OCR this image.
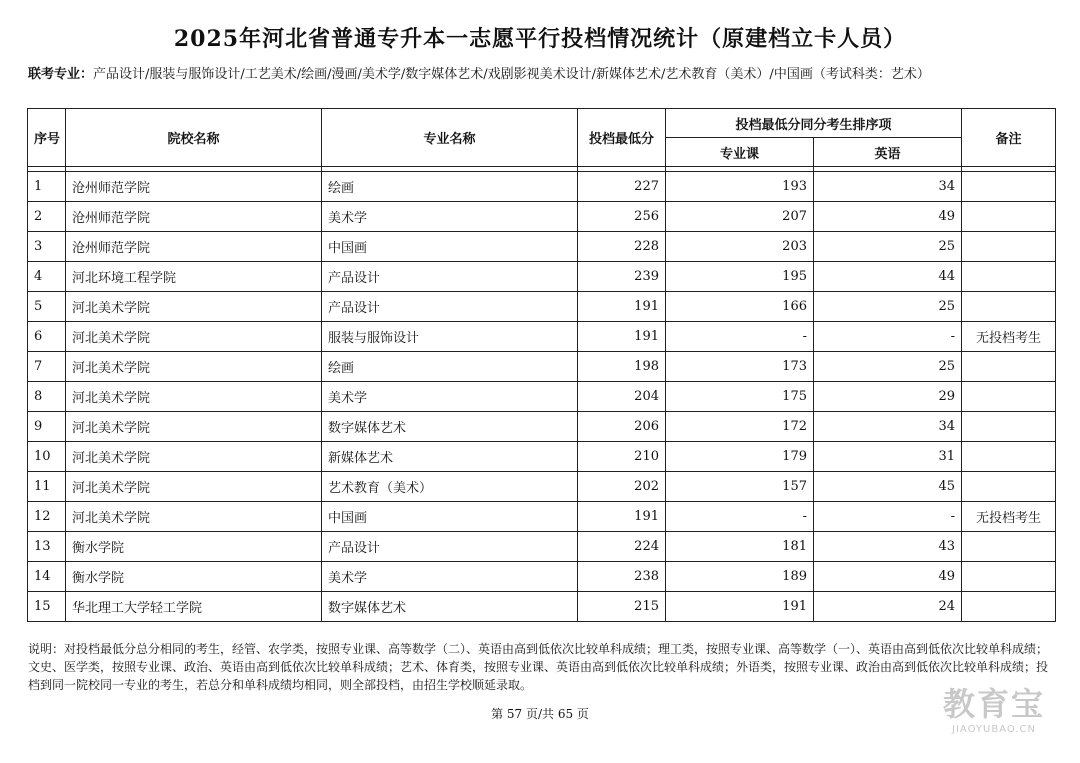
2025年河北省普通专升本一志愿平行投档情况统计（原建档立卡人员）
联考专业：产品设计/服装与服饰设计/工艺美术/绘画/漫画/美术学/数字媒体艺术/戏剧影视美术设计/新媒体艺术/艺术教育（美术）/中国画（考试科类：艺术）
序号	院校名称	专业名称	投档最低分	投档最低分同分考生排序项		备注
				专业课	英语	

1	沧州师范学院	绘画	227	193	34	
2	沧州师范学院	美术学	256	207	49	
3	沧州师范学院	中国画	228	203	25	
4	河北环境工程学院	产品设计	239	195	44	
5	河北美术学院	产品设计	191	166	25	
6	河北美术学院	服装与服饰设计	191	-	-	无投档考生
7	河北美术学院	绘画	198	173	25	
8	河北美术学院	美术学	204	175	29	
9	河北美术学院	数字媒体艺术	206	172	34	
10	河北美术学院	新媒体艺术	210	179	31	
11	河北美术学院	艺术教育（美术）	202	157	45	
12	河北美术学院	中国画	191	-	-	无投档考生
13	衡水学院	产品设计	224	181	43	
14	衡水学院	美术学	238	189	49	
15	华北理工大学轻工学院	数字媒体艺术	215	191	24	
说明：对投档最低分总分相同的考生，经管、农学类，按照专业课、高等数学（二）、英语由高到低依次比较单科成绩；理工类，按照专业课、高等数学（一）、英语由高到低依次比较单科成绩；文史、医学类，按照专业课、政治、英语由高到低依次比较单科成绩；艺术、体育类，按照专业课、英语由高到低依次比较单科成绩；外语类，按照专业课、政治由高到低依次比较单科成绩；投档到同一院校同一专业的考生，若总分和单科成绩均相同，则全部投档，由招生学校顺延录取。
第 57 页/共 65 页	教育宝
JIAOYUBAO.CN
